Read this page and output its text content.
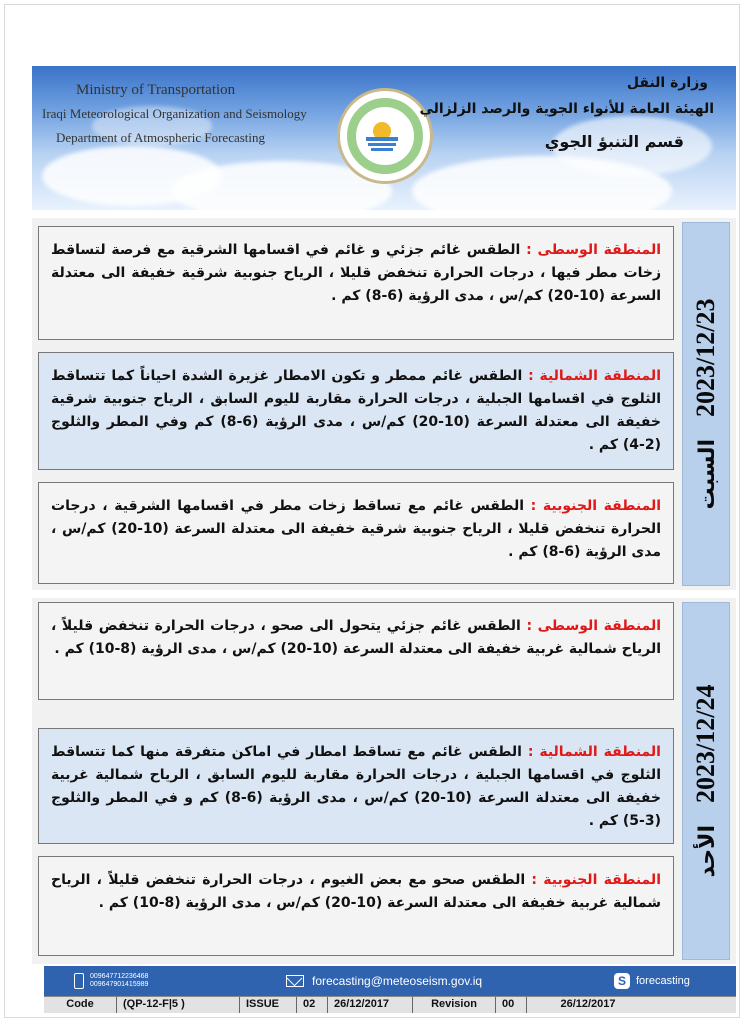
Ministry of Transportation
Iraqi Meteorological Organization and Seismology
Department of Atmospheric Forecasting
وزارة النقل
الهيئة العامة للأنواء الجوية والرصد الزلزالي
قسم التنبؤ الجوي
2023/12/23
السبت
المنطقة الوسطى : الطقس غائم جزئي و غائم في اقسامها الشرقية مع فرصة لتساقط زخات مطر فيها ، درجات الحرارة تنخفض قليلا ، الرياح جنوبية شرقية خفيفة الى معتدلة السرعة (10-20) كم/س ، مدى الرؤية (6-8) كم .
المنطقة الشمالية : الطقس غائم ممطر و تكون الامطار غزيرة الشدة احياناً كما تتساقط الثلوج في اقسامها الجبلية ، درجات الحرارة مقاربة لليوم السابق ، الرياح جنوبية شرقية خفيفة الى معتدلة السرعة (10-20) كم/س ، مدى الرؤية (6-8) كم وفي المطر والثلوج (2-4) كم .
المنطقة الجنوبية : الطقس غائم مع تساقط زخات مطر في اقسامها الشرقية ، درجات الحرارة تنخفض قليلا ، الرياح جنوبية شرقية خفيفة الى معتدلة السرعة (10-20) كم/س ، مدى الرؤية (6-8) كم .
2023/12/24
الأحد
المنطقة الوسطى : الطقس غائم جزئي يتحول الى صحو ، درجات الحرارة تنخفض قليلاً ، الرياح شمالية غربية خفيفة الى معتدلة السرعة (10-20) كم/س ، مدى الرؤية (8-10) كم .
المنطقة الشمالية : الطقس غائم مع تساقط امطار في اماكن متفرقة منها كما تتساقط الثلوج في اقسامها الجبلية ، درجات الحرارة مقاربة لليوم السابق ، الرياح شمالية غربية خفيفة الى معتدلة السرعة (10-20) كم/س ، مدى الرؤية (6-8) كم و في المطر والثلوج (3-5) كم .
المنطقة الجنوبية : الطقس صحو مع بعض الغيوم ، درجات الحرارة تنخفض قليلاً ، الرياح شمالية غربية خفيفة الى معتدلة السرعة (10-20) كم/س ، مدى الرؤية (8-10) كم .
009647712236468
009647901415989	forecasting@meteoseism.gov.iq	S forecasting
Code	(QP-12-F|5 )	ISSUE	02	26/12/2017	Revision	00	26/12/2017
